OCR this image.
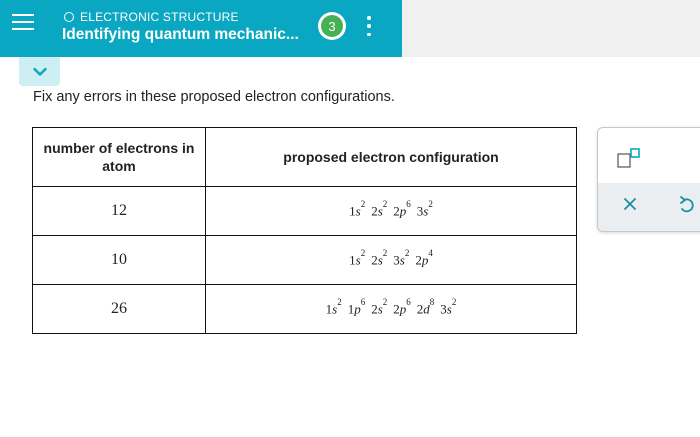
ELECTRONIC STRUCTURE
Identifying quantum mechanic...	3
Fix any errors in these proposed electron configurations.
number of electrons in atom	proposed electron configuration
12	$1s^2$ $2s^2$ $2p^6$ $3s^2$
10	$1s^2$ $2s^2$ $3s^2$ $2p^4$
26	$1s^2$ $1p^6$ $2s^2$ $2p^6$ $2d^8$ $3s^2$
